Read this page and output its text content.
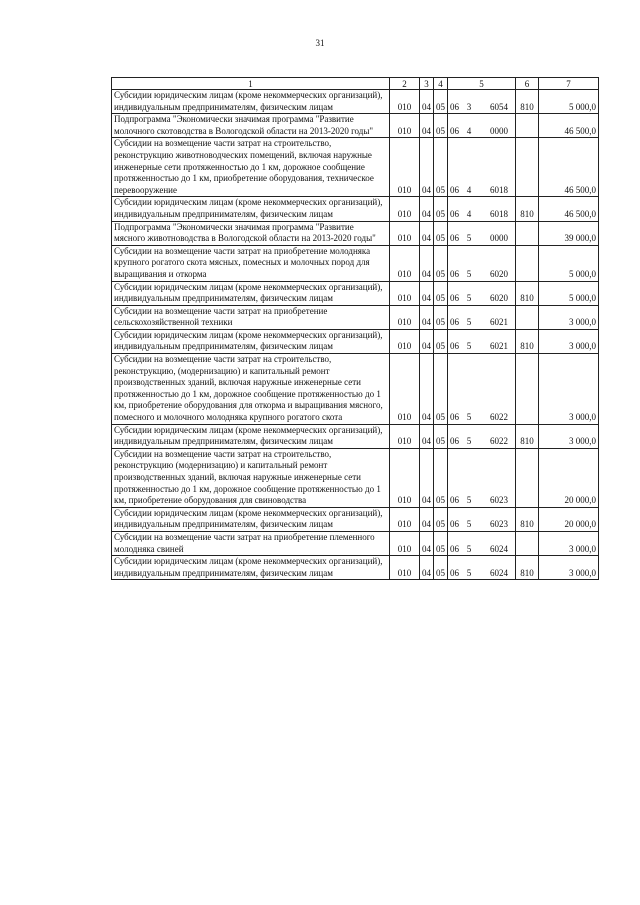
31
1	2	3	4	5	6	7
Субсидии юридическим лицам (кроме некоммерческих организаций), индивидуальным предпринимателям, физическим лицам	010	04	05	06 3 6054	810	5 000,0
Подпрограмма "Экономически значимая программа "Развитие молочного скотоводства в Вологодской области на 2013-2020 годы"	010	04	05	06 4 0000		46 500,0
Субсидии на возмещение части затрат на строительство, реконструкцию животноводческих помещений, включая наружные инженерные сети протяженностью до 1 км, дорожное сообщение протяженностью до 1 км, приобретение оборудования, техническое перевооружение	010	04	05	06 4 6018		46 500,0
Субсидии юридическим лицам (кроме некоммерческих организаций), индивидуальным предпринимателям, физическим лицам	010	04	05	06 4 6018	810	46 500,0
Подпрограмма "Экономически значимая программа "Развитие мясного животноводства в Вологодской области на 2013-2020 годы"	010	04	05	06 5 0000		39 000,0
Субсидии на возмещение части затрат на приобретение молодняка крупного рогатого скота мясных, помесных и молочных пород для выращивания и откорма	010	04	05	06 5 6020		5 000,0
Субсидии юридическим лицам (кроме некоммерческих организаций), индивидуальным предпринимателям, физическим лицам	010	04	05	06 5 6020	810	5 000,0
Субсидии на возмещение части затрат на приобретение сельскохозяйственной техники	010	04	05	06 5 6021		3 000,0
Субсидии юридическим лицам (кроме некоммерческих организаций), индивидуальным предпринимателям, физическим лицам	010	04	05	06 5 6021	810	3 000,0
Субсидии на возмещение части затрат на строительство, реконструкцию, (модернизацию) и капитальный ремонт производственных зданий, включая наружные инженерные сети протяженностью до 1 км, дорожное сообщение протяженностью до 1 км, приобретение оборудования для откорма и выращивания мясного, помесного и молочного молодняка крупного рогатого скота	010	04	05	06 5 6022		3 000,0
Субсидии юридическим лицам (кроме некоммерческих организаций), индивидуальным предпринимателям, физическим лицам	010	04	05	06 5 6022	810	3 000,0
Субсидии на возмещение части затрат на строительство, реконструкцию (модернизацию) и капитальный ремонт производственных зданий, включая наружные инженерные сети протяженностью до 1 км, дорожное сообщение протяженностью до 1 км, приобретение оборудования для свиноводства	010	04	05	06 5 6023		20 000,0
Субсидии юридическим лицам (кроме некоммерческих организаций), индивидуальным предпринимателям, физическим лицам	010	04	05	06 5 6023	810	20 000,0
Субсидии на возмещение части затрат на приобретение племенного молодняка свиней	010	04	05	06 5 6024		3 000,0
Субсидии юридическим лицам (кроме некоммерческих организаций), индивидуальным предпринимателям, физическим лицам	010	04	05	06 5 6024	810	3 000,0
